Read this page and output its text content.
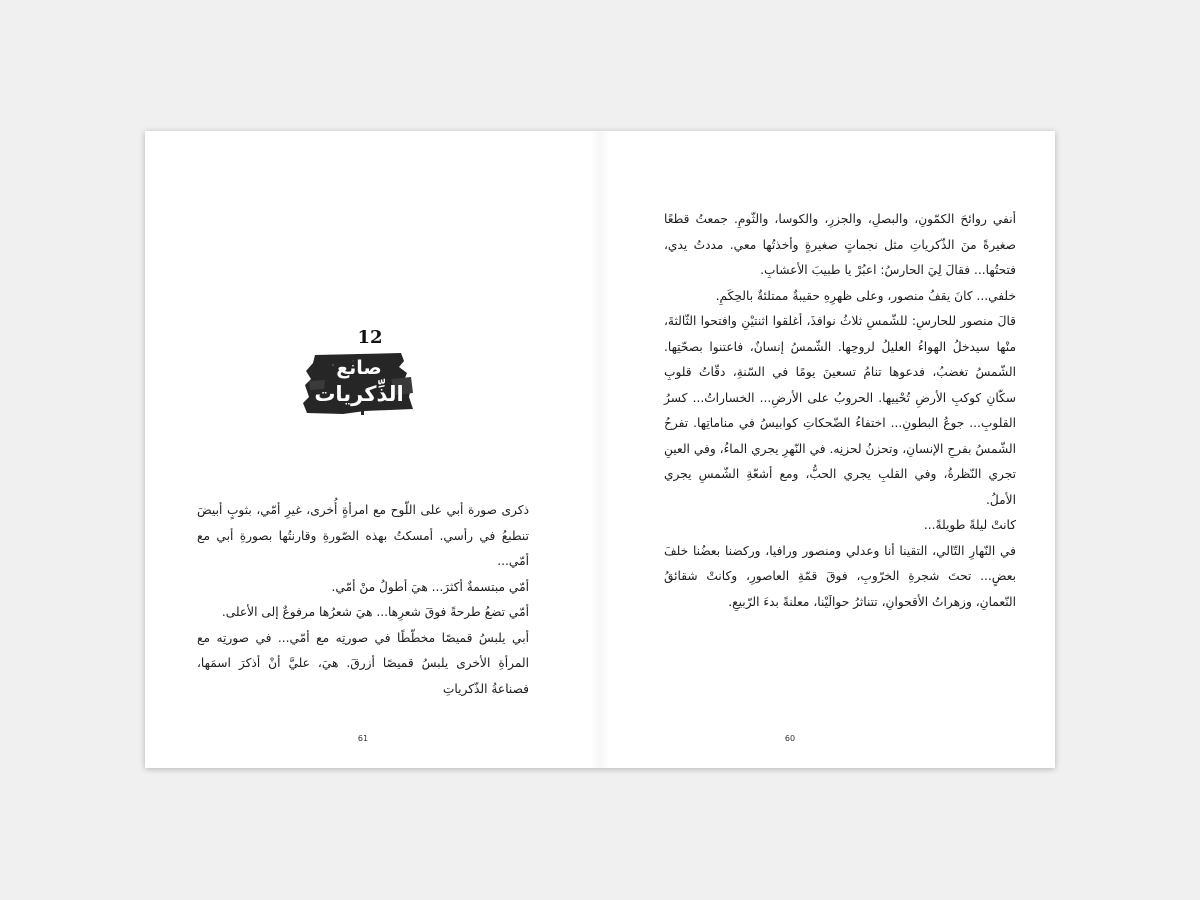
12
صانع
الذِّكريات

ذكرى صورة أبي على اللّوح مع امرأةٍ أُخرى، غيرِ أمّي، بثوبٍ أبيضَ تنطبعُ في رأسي. أمسكتُ بهذه الصّورةِ وقارنتُها بصورةِ أبي مع أمّي...

أمّي مبتسمةٌ أكثرَ... هيَ أطولُ منْ أمّي.

أمّي تضعُ طرحةً فوقَ شعرِها... هيَ شعرُها مرفوعٌ إلى الأعلى.

أبي يلبسُ قميصًا مخطّطًا في صورتِه مع أمّي... في صورتِه مع المرأةِ الأخرى يلبسُ قميصًا أزرقَ. هيَ، عليَّ أنْ أذكرَ اسمَها، فصناعةُ الذّكرياتِ

61

أنفي روائحَ الكمّونِ، والبصلِ، والجزرِ، والكوسا، والثّومِ. جمعتُ قطعًا صغيرةً منَ الذّكرياتِ مثل نجماتٍ صغيرةٍ وأخذتُها معي. مددتُ يدي، فتحتُها... فقالَ لِيَ الحارسُ: اعبُرْ يا طبيبَ الأعشابِ.

خلفي... كانَ يقفُ منصور، وعلى ظهرِهِ حقيبةٌ ممتلئةٌ بالحِكَمِ.

قالَ منصور للحارسِ: للشّمسِ ثلاثُ نوافذَ، أغلقوا اثنتيْنِ وافتحوا الثّالثةَ، منْها سيدخلُ الهواءُ العليلُ لروحِها. الشّمسُ إنسانٌ، فاعتنوا بصحّتِها. الشّمسُ تغضبُ، فدعوها تنامُ تسعينَ يومًا في السّنةِ، دقّاتُ قلوبِ سكّانِ كوكبِ الأرضِ تُحْييها. الحروبُ على الأرضِ... الخساراتُ... كسرُ القلوبِ... جوعُ البطونِ... اختفاءُ الضّحكاتِ كوابيسُ في مناماتِها. تفرحُ الشّمسُ بفرحِ الإنسانِ، وتحزنُ لحزنِه. في النّهرِ يجري الماءُ، وفي العينِ تجري النّظرةُ، وفي القلبِ يجري الحبُّ، ومع أشعّةِ الشّمسِ يجري الأملُ.

كانتْ ليلةً طويلةً...

في النّهارِ التّالي، التقينا أنا وعدلي ومنصور ورافيا، وركضنا بعضُنا خلفَ بعضٍ... تحتَ شجرةِ الخرّوبِ، فوقَ قمّةِ العاصورِ، وكانتْ شقائقُ النّعمانِ، وزهراتُ الأقحوانِ، تتناثرُ حوالَيْنا، معلنةً بدءَ الرّبيعِ.

60
